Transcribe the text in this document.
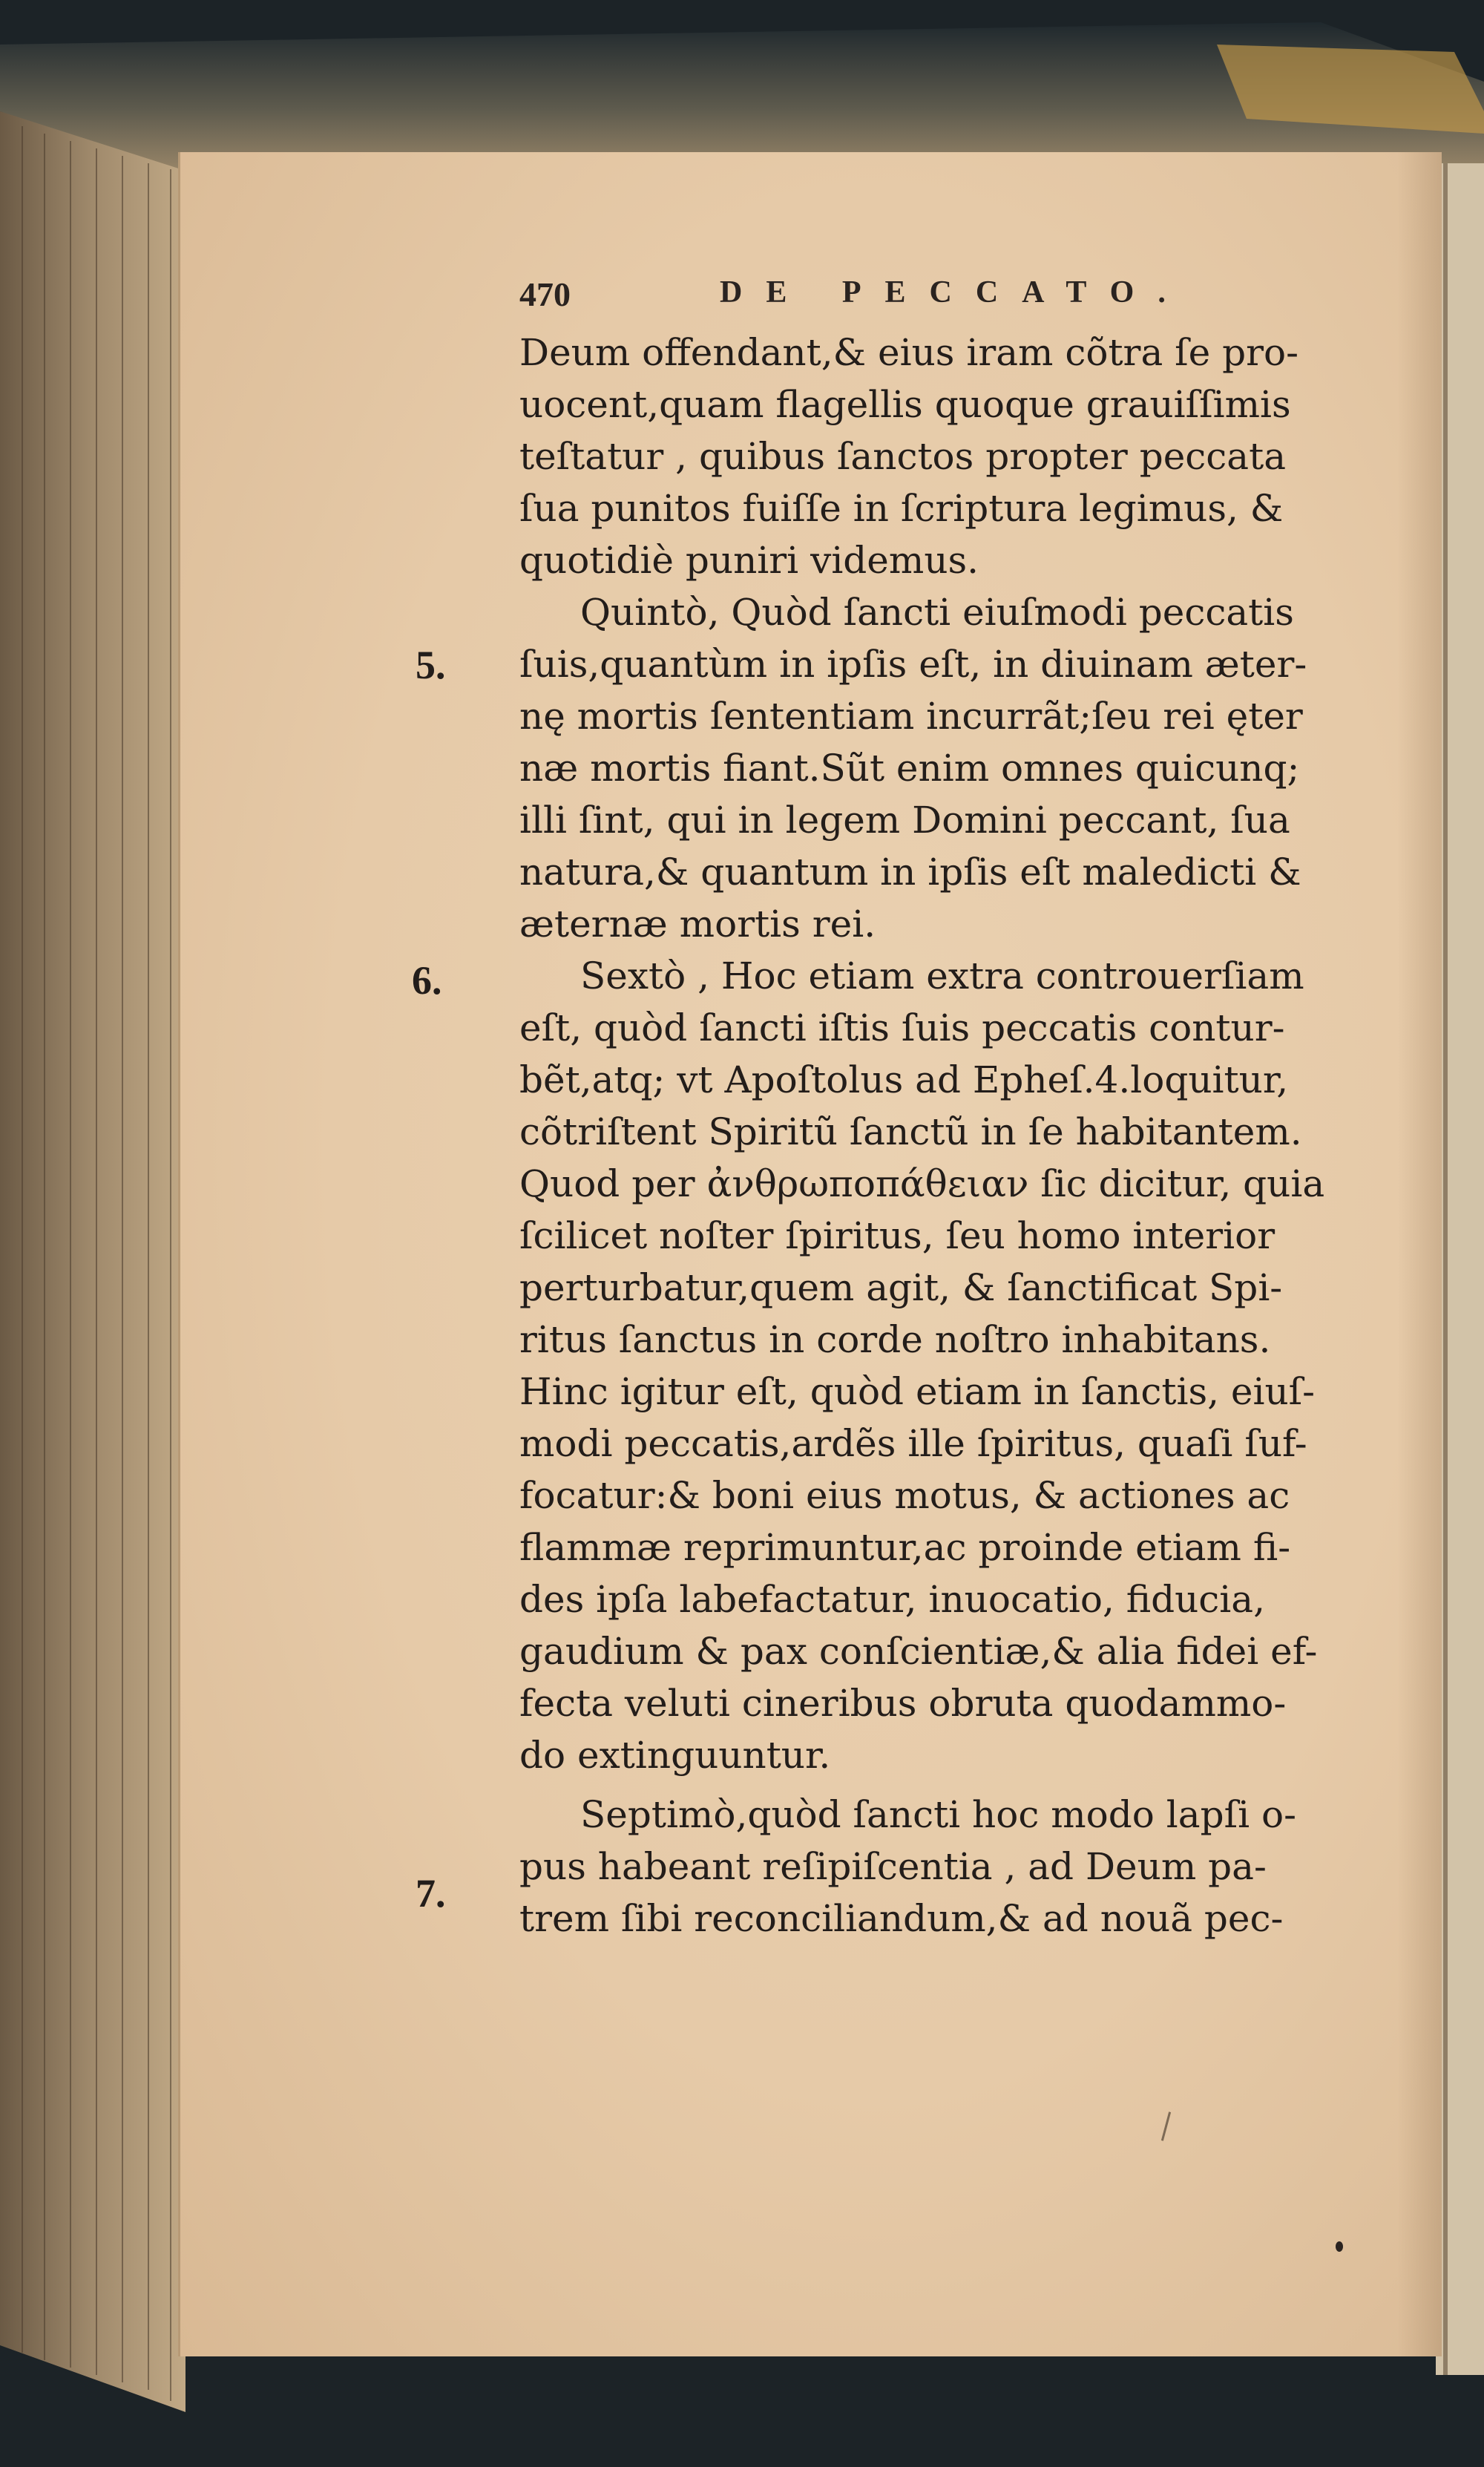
470	DE PECCATO.
Deum offendant,& eius iram cõtra ſe pro-
uocent,quam flagellis quoque grauiſſimis
teſtatur , quibus ſanctos propter peccata
ſua punitos fuiſſe in ſcriptura legimus, &
quotidiè puniri videmus.
Quintò, Quòd ſancti eiuſmodi peccatis
ſuis,quantùm in ipſis eſt, in diuinam æter-
nę mortis ſententiam incurrãt;ſeu rei ęter
næ mortis fiant.Sũt enim omnes quicunq;
illi ſint, qui in legem Domini peccant, ſua
natura,& quantum in ipſis eſt maledicti &
æternæ mortis rei.
Sextò , Hoc etiam extra controuerſiam
eſt, quòd ſancti iſtis ſuis peccatis contur-
bẽt,atq; vt Apoſtolus ad Epheſ.4.loquitur,
cõtriſtent Spiritũ ſanctũ in ſe habitantem.
Quod per ἀνθρωποπάθειαν ſic dicitur, quia
ſcilicet noſter ſpiritus, ſeu homo interior
perturbatur,quem agit, & ſanctificat Spi-
ritus ſanctus in corde noſtro inhabitans.
Hinc igitur eſt, quòd etiam in ſanctis, eiuſ-
modi peccatis,ardẽs ille ſpiritus, quaſi ſuf-
focatur:& boni eius motus, & actiones ac
flammæ reprimuntur,ac proinde etiam fi-
des ipſa labefactatur, inuocatio, fiducia,
gaudium & pax conſcientiæ,& alia fidei ef-
fecta veluti cineribus obruta quodammo-
do extinguuntur.
Septimò,quòd ſancti hoc modo lapſi o-
pus habeant reſipiſcentia , ad Deum pa-
trem ſibi reconciliandum,& ad nouã pec-
5.
6.
7.
